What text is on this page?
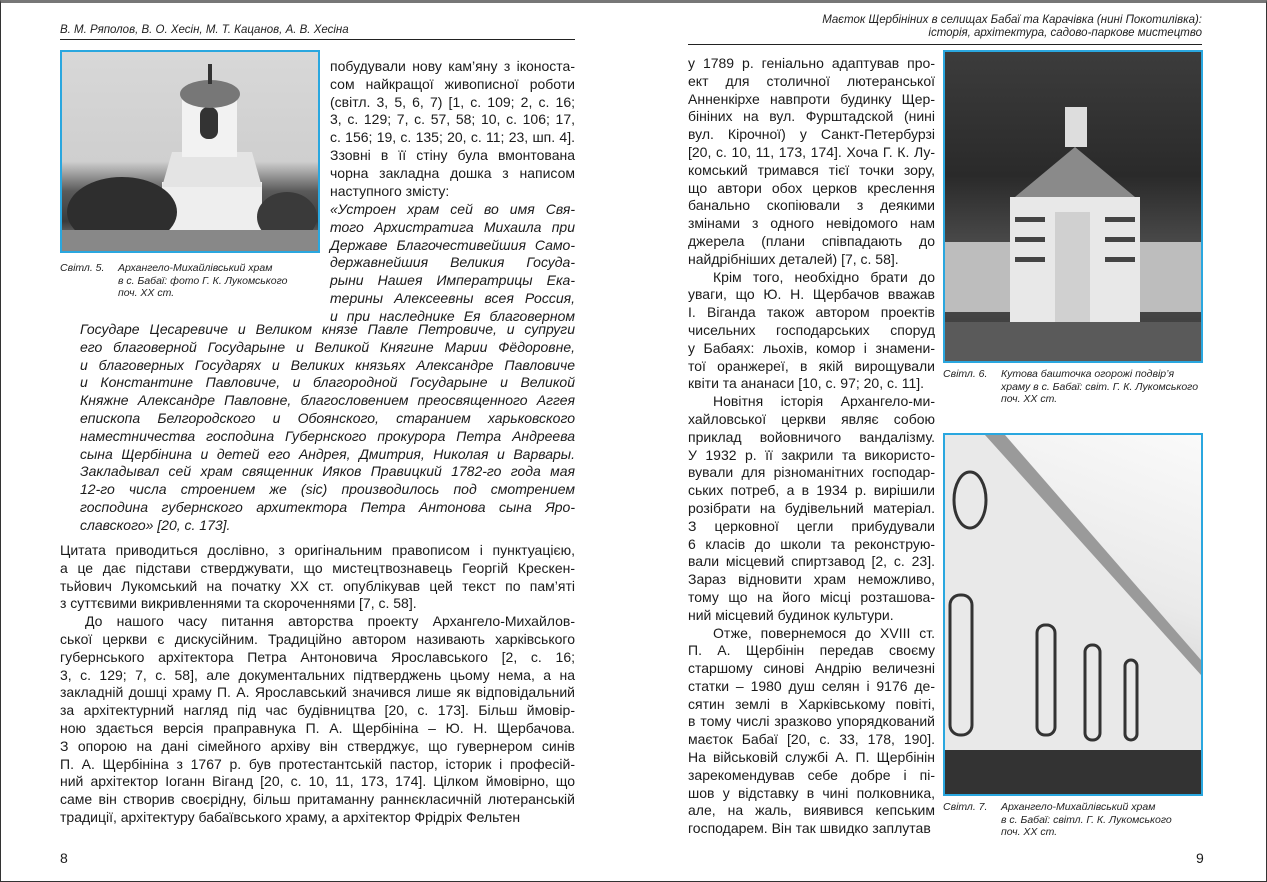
В. М. Ряполов, В. О. Хесін, М. Т. Кацанов, А. В. Хесіна
Світл. 5. Архангело-Михайлівський храм
в с. Бабаї: фото Г. К. Лукомського
поч. XX ст.
побудували нову кам’яну з іконоста-
сом найкращої живописної роботи
(світл. 3, 5, 6, 7) [1, с. 109; 2, с. 16;
3, с. 129; 7, с. 57, 58; 10, с. 106; 17,
с. 156; 19, с. 135; 20, с. 11; 23, шп. 4].
Ззовні в її стіну була вмонтована
чорна закладна дошка з написом
наступного змісту:
«Устроен храм сей во имя Свя-
того Архистратига Михаила при
Державе Благочестивейшия Само-
державнейшия Великия Госуда-
рыни Нашея Императрицы Ека-
терины Алексеевны всея Россия,
и при наследнике Ея благоверном
Государе Цесаревиче и Великом князе Павле Петровиче, и супруги
его благоверной Государыне и Великой Княгине Марии Фёдоровне,
и благоверных Государях и Великих князьях Александре Павловиче
и Константине Павловиче, и благородной Государыне и Великой
Княжне Александре Павловне, благословением преосвященного Аггея
епископа Белгородского и Обоянского, старанием харьковского
наместничества господина Губернского прокурора Петра Андреева
сына Щербінина и детей его Андрея, Дмитрия, Николая и Варвары.
Закладывал сей храм священник Ияков Правицкий 1782-го года мая
12-го числа строением же (sic) производилось под смотрением
господина губернского архитектора Петра Антонова сына Яро-
славского» [20, с. 173].
Цитата приводиться дослівно, з оригінальним правописом і пунктуацією,
а це дає підстави стверджувати, що мистецтвознавець Георгій Крескен-
тьйович Лукомський на початку XX ст. опублікував цей текст по пам’яті
з суттєвими викривленнями та скороченнями [7, с. 58].
До нашого часу питання авторства проекту Архангело-Михайлов-
ської церкви є дискусійним. Традиційно автором називають харківського
губернського архітектора Петра Антоновича Ярославського [2, с. 16;
3, с. 129; 7, с. 58], але документальних підтверджень цьому нема, а на
закладній дошці храму П. А. Ярославський значився лише як відповідальний
за архітектурний нагляд під час будівництва [20, с. 173]. Більш ймовір-
ною здається версія праправнука П. А. Щербініна – Ю. Н. Щербачова.
З опорою на дані сімейного архіву він стверджує, що гувернером синів
П. А. Щербініна з 1767 р. був протестантській пастор, історик і професій-
ний архітектор Іоганн Віганд [20, с. 10, 11, 173, 174]. Цілком ймовірно, що
саме він створив своєрідну, більш притаманну раннєкласичній лютеранській
традиції, архітектуру бабаївського храму, а архітектор Фрідріх Фельтен
8
Маєток Щербініних в селищах Бабаї та Карачівка (нині Покотилівка):
історія, архітектура, садово-паркове мистецтво
у 1789 р. геніально адаптував про-
ект для столичної лютеранської
Анненкірхе навпроти будинку Щер-
бініних на вул. Фурштадской (нині
вул. Кірочної) у Санкт-Петербурзі
[20, с. 10, 11, 173, 174]. Хоча Г. К. Лу-
комський тримався тієї точки зору,
що автори обох церков креслення
банально скопіювали з деякими
змінами з одного невідомого нам
джерела (плани співпадають до
найдрібніших деталей) [7, с. 58].
Крім того, необхідно брати до
уваги, що Ю. Н. Щербачов вважав
І. Віганда також автором проектів
чисельних господарських споруд
у Бабаях: льохів, комор і знамени-
тої оранжереї, в якій вирощували
квіти та ананаси [10, с. 97; 20, с. 11].
Новітня історія Архангело-ми-
хайловської церкви являє собою
приклад войовничого вандалізму.
У 1932 р. її закрили та використо-
вували для різноманітних господар-
ських потреб, а в 1934 р. вирішили
розібрати на будівельний матеріал.
З церковної цегли прибудували
6 класів до школи та реконструю-
вали місцевий спиртзавод [2, с. 23].
Зараз відновити храм неможливо,
тому що на його місці розташова-
ний місцевий будинок культури.
Отже, повернемося до XVIII ст.
П. А. Щербінін передав своєму
старшому синові Андрію величезні
статки – 1980 душ селян і 9176 де-
сятин землі в Харківському повіті,
в тому числі зразково упорядкований
маєток Бабаї [20, с. 33, 178, 190].
На військовій службі А. П. Щербінін
зарекомендував себе добре і пі-
шов у відставку в чині полковника,
але, на жаль, виявився кепським
господарем. Він так швидко заплутав
Світл. 6. Кутова башточка огорожі подвір’я
храму в с. Бабаї: світ. Г. К. Лукомського
поч. XX ст.
Світл. 7. Архангело-Михайлівський храм
в с. Бабаї: світл. Г. К. Лукомського
поч. XX ст.
9
